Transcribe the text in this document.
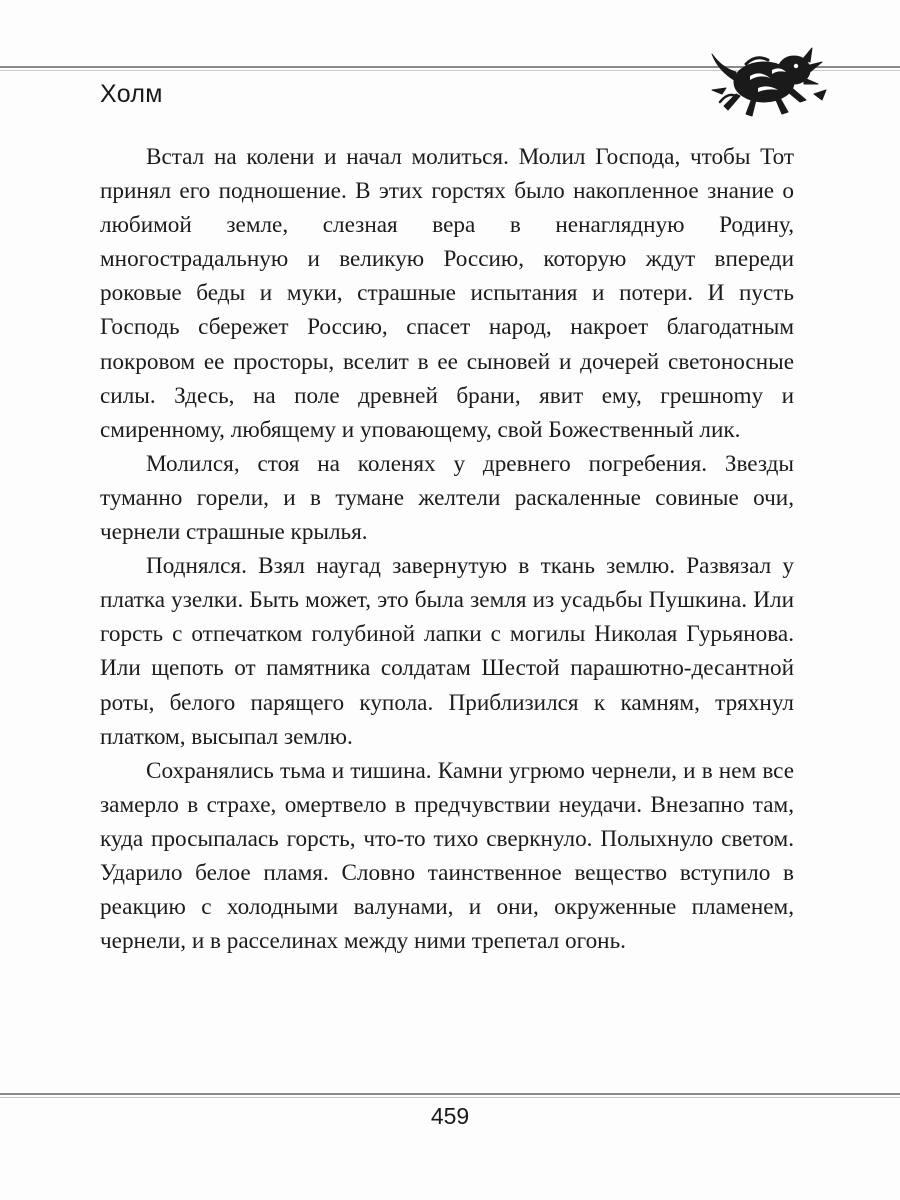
Холм

Встал на колени и начал молиться. Молил Господа, чтобы Тот принял его подношение. В этих горстях было накопленное знание о любимой земле, слезная вера в ненаглядную Родину, многострадальную и великую Россию, которую ждут впереди роковые беды и муки, страшные испытания и потери. И пусть Господь сбережет Россию, спасет народ, накроет благодатным покровом ее просторы, вселит в ее сыновей и дочерей светоносные силы. Здесь, на поле древней брани, явит ему, грешноmу и смиренному, любящему и уповающему, свой Божественный лик.

Молился, стоя на коленях у древнего погребения. Звезды туманно горели, и в тумане желтели раскаленные совиные очи, чернели страшные крылья.

Поднялся. Взял наугад завернутую в ткань землю. Развязал у платка узелки. Быть может, это была земля из усадьбы Пушкина. Или горсть с отпечатком голубиной лапки с могилы Николая Гурьянова. Или щепоть от памятника солдатам Шестой парашютно-десантной роты, белого парящего купола. Приблизился к камням, тряхнул платком, высыпал землю.

Сохранялись тьма и тишина. Камни угрюмо чернели, и в нем все замерло в страхе, омертвело в предчувствии неудачи. Внезапно там, куда просыпалась горсть, что-то тихо сверкнуло. Полыхнуло светом. Ударило белое пламя. Словно таинственное вещество вступило в реакцию с холодными валунами, и они, окруженные пламенем, чернели, и в расселинах между ними трепетал огонь.

459
